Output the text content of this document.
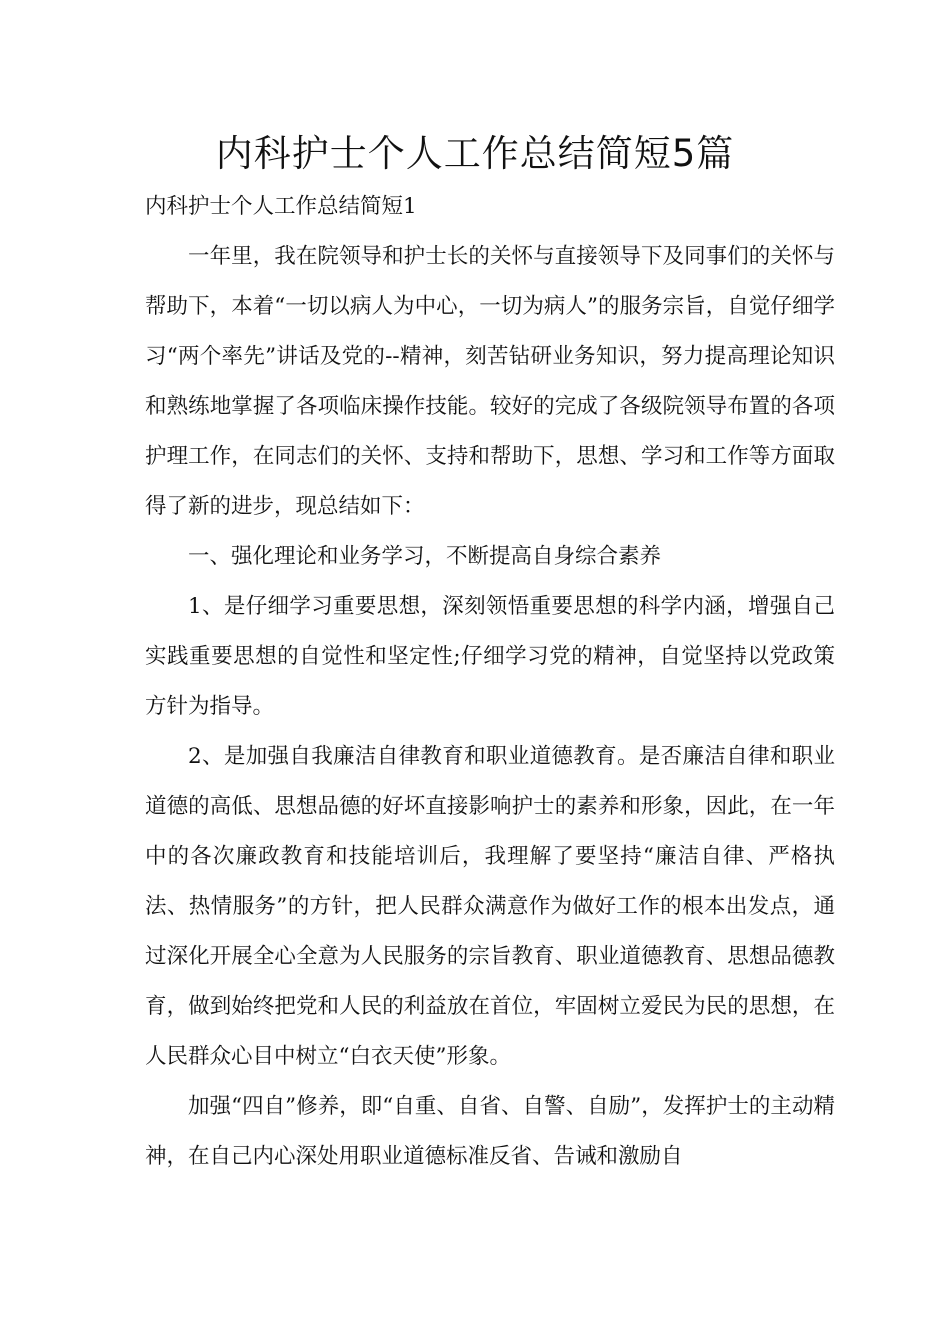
内科护士个人工作总结简短5篇

内科护士个人工作总结简短1

一年里，我在院领导和护士长的关怀与直接领导下及同事们的关怀与帮助下，本着“一切以病人为中心，一切为病人”的服务宗旨，自觉仔细学习“两个率先”讲话及党的--精神，刻苦钻研业务知识，努力提高理论知识和熟练地掌握了各项临床操作技能。较好的完成了各级院领导布置的各项护理工作，在同志们的关怀、支持和帮助下，思想、学习和工作等方面取得了新的进步，现总结如下：

一、强化理论和业务学习，不断提高自身综合素养

1、是仔细学习重要思想，深刻领悟重要思想的科学内涵，增强自己实践重要思想的自觉性和坚定性;仔细学习党的精神，自觉坚持以党政策方针为指导。

2、是加强自我廉洁自律教育和职业道德教育。是否廉洁自律和职业道德的高低、思想品德的好坏直接影响护士的素养和形象，因此，在一年中的各次廉政教育和技能培训后，我理解了要坚持“廉洁自律、严格执法、热情服务”的方针，把人民群众满意作为做好工作的根本出发点，通过深化开展全心全意为人民服务的宗旨教育、职业道德教育、思想品德教育，做到始终把党和人民的利益放在首位，牢固树立爱民为民的思想，在人民群众心目中树立“白衣天使”形象。

加强“四自”修养，即“自重、自省、自警、自励”，发挥护士的主动精神，在自己内心深处用职业道德标准反省、告诫和激励自
